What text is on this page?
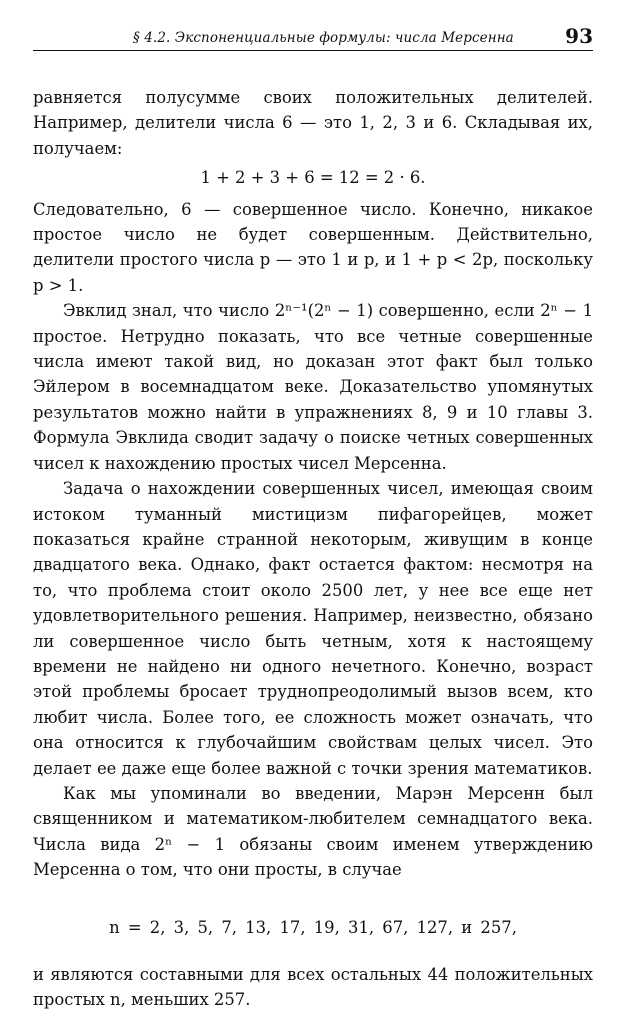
§ 4.2. Экспоненциальные формулы: числа Мерсенна	93

равняется полусумме своих положительных делителей. Например, делители числа 6 — это 1, 2, 3 и 6. Складывая их, получаем:

1 + 2 + 3 + 6 = 12 = 2 · 6.

Следовательно, 6 — совершенное число. Конечно, никакое простое число не будет совершенным. Действительно, делители простого числа p — это 1 и p, и 1 + p < 2p, поскольку p > 1.

Эвклид знал, что число 2ⁿ⁻¹(2ⁿ − 1) совершенно, если 2ⁿ − 1 простое. Нетрудно показать, что все четные совершенные числа имеют такой вид, но доказан этот факт был только Эйлером в восемнадцатом веке. Доказательство упомянутых результатов можно найти в упражнениях 8, 9 и 10 главы 3. Формула Эвклида сводит задачу о поиске четных совершенных чисел к нахождению простых чисел Мерсенна.

Задача о нахождении совершенных чисел, имеющая своим истоком туманный мистицизм пифагорейцев, может показаться крайне странной некоторым, живущим в конце двадцатого века. Однако, факт остается фактом: несмотря на то, что проблема стоит около 2500 лет, у нее все еще нет удовлетворительного решения. Например, неизвестно, обязано ли совершенное число быть четным, хотя к настоящему времени не найдено ни одного нечетного. Конечно, возраст этой проблемы бросает труднопреодолимый вызов всем, кто любит числа. Более того, ее сложность может означать, что она относится к глубочайшим свойствам целых чисел. Это делает ее даже еще более важной с точки зрения математиков.

Как мы упоминали во введении, Марэн Мерсенн был священником и математиком-любителем семнадцатого века. Числа вида 2ⁿ − 1 обязаны своим именем утверждению Мерсенна о том, что они просты, в случае

n = 2, 3, 5, 7, 13, 17, 19, 31, 67, 127, и 257,

и являются составными для всех остальных 44 положительных простых n, меньших 257.
